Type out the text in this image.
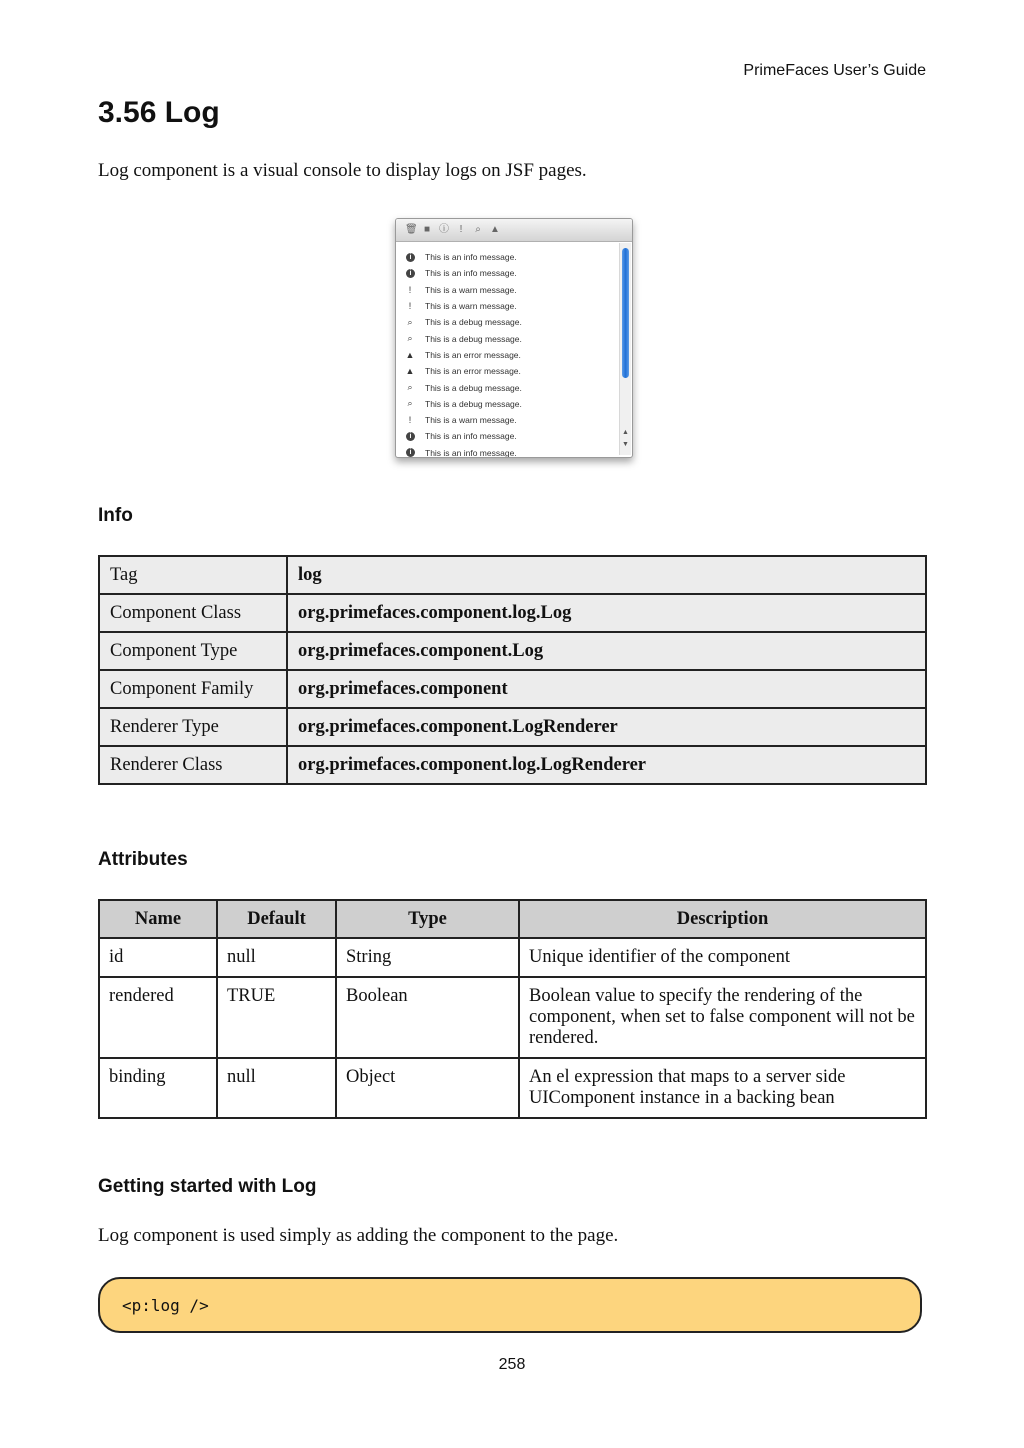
PrimeFaces User’s Guide
3.56 Log
Log component is a visual console to display logs on JSF pages.
🗑 ■ ⓘ	!	⌕ ▲
i	This is an info message.
i	This is an info message.
!	This is a warn message.
!	This is a warn message.
⌕ This is a debug message.
⌕ This is a debug message.
▲ This is an error message.
▲ This is an error message.
⌕ This is a debug message.
⌕ This is a debug message.
!	This is a warn message.
i	This is an info message.
i	This is an info message.
▲
▼
Info
Tag	log
Component Class	org.primefaces.component.log.Log
Component Type	org.primefaces.component.Log
Component Family	org.primefaces.component
Renderer Type	org.primefaces.component.LogRenderer
Renderer Class	org.primefaces.component.log.LogRenderer
Attributes
Name	Default	Type	Description
id	null	String	Unique identifier of the component
rendered	TRUE	Boolean	Boolean value to specify the rendering of the component, when set to false component will not be rendered.
binding	null	Object	An el expression that maps to a server side UIComponent instance in a backing bean
Getting started with Log
Log component is used simply as adding the component to the page.
<p:log />
258
